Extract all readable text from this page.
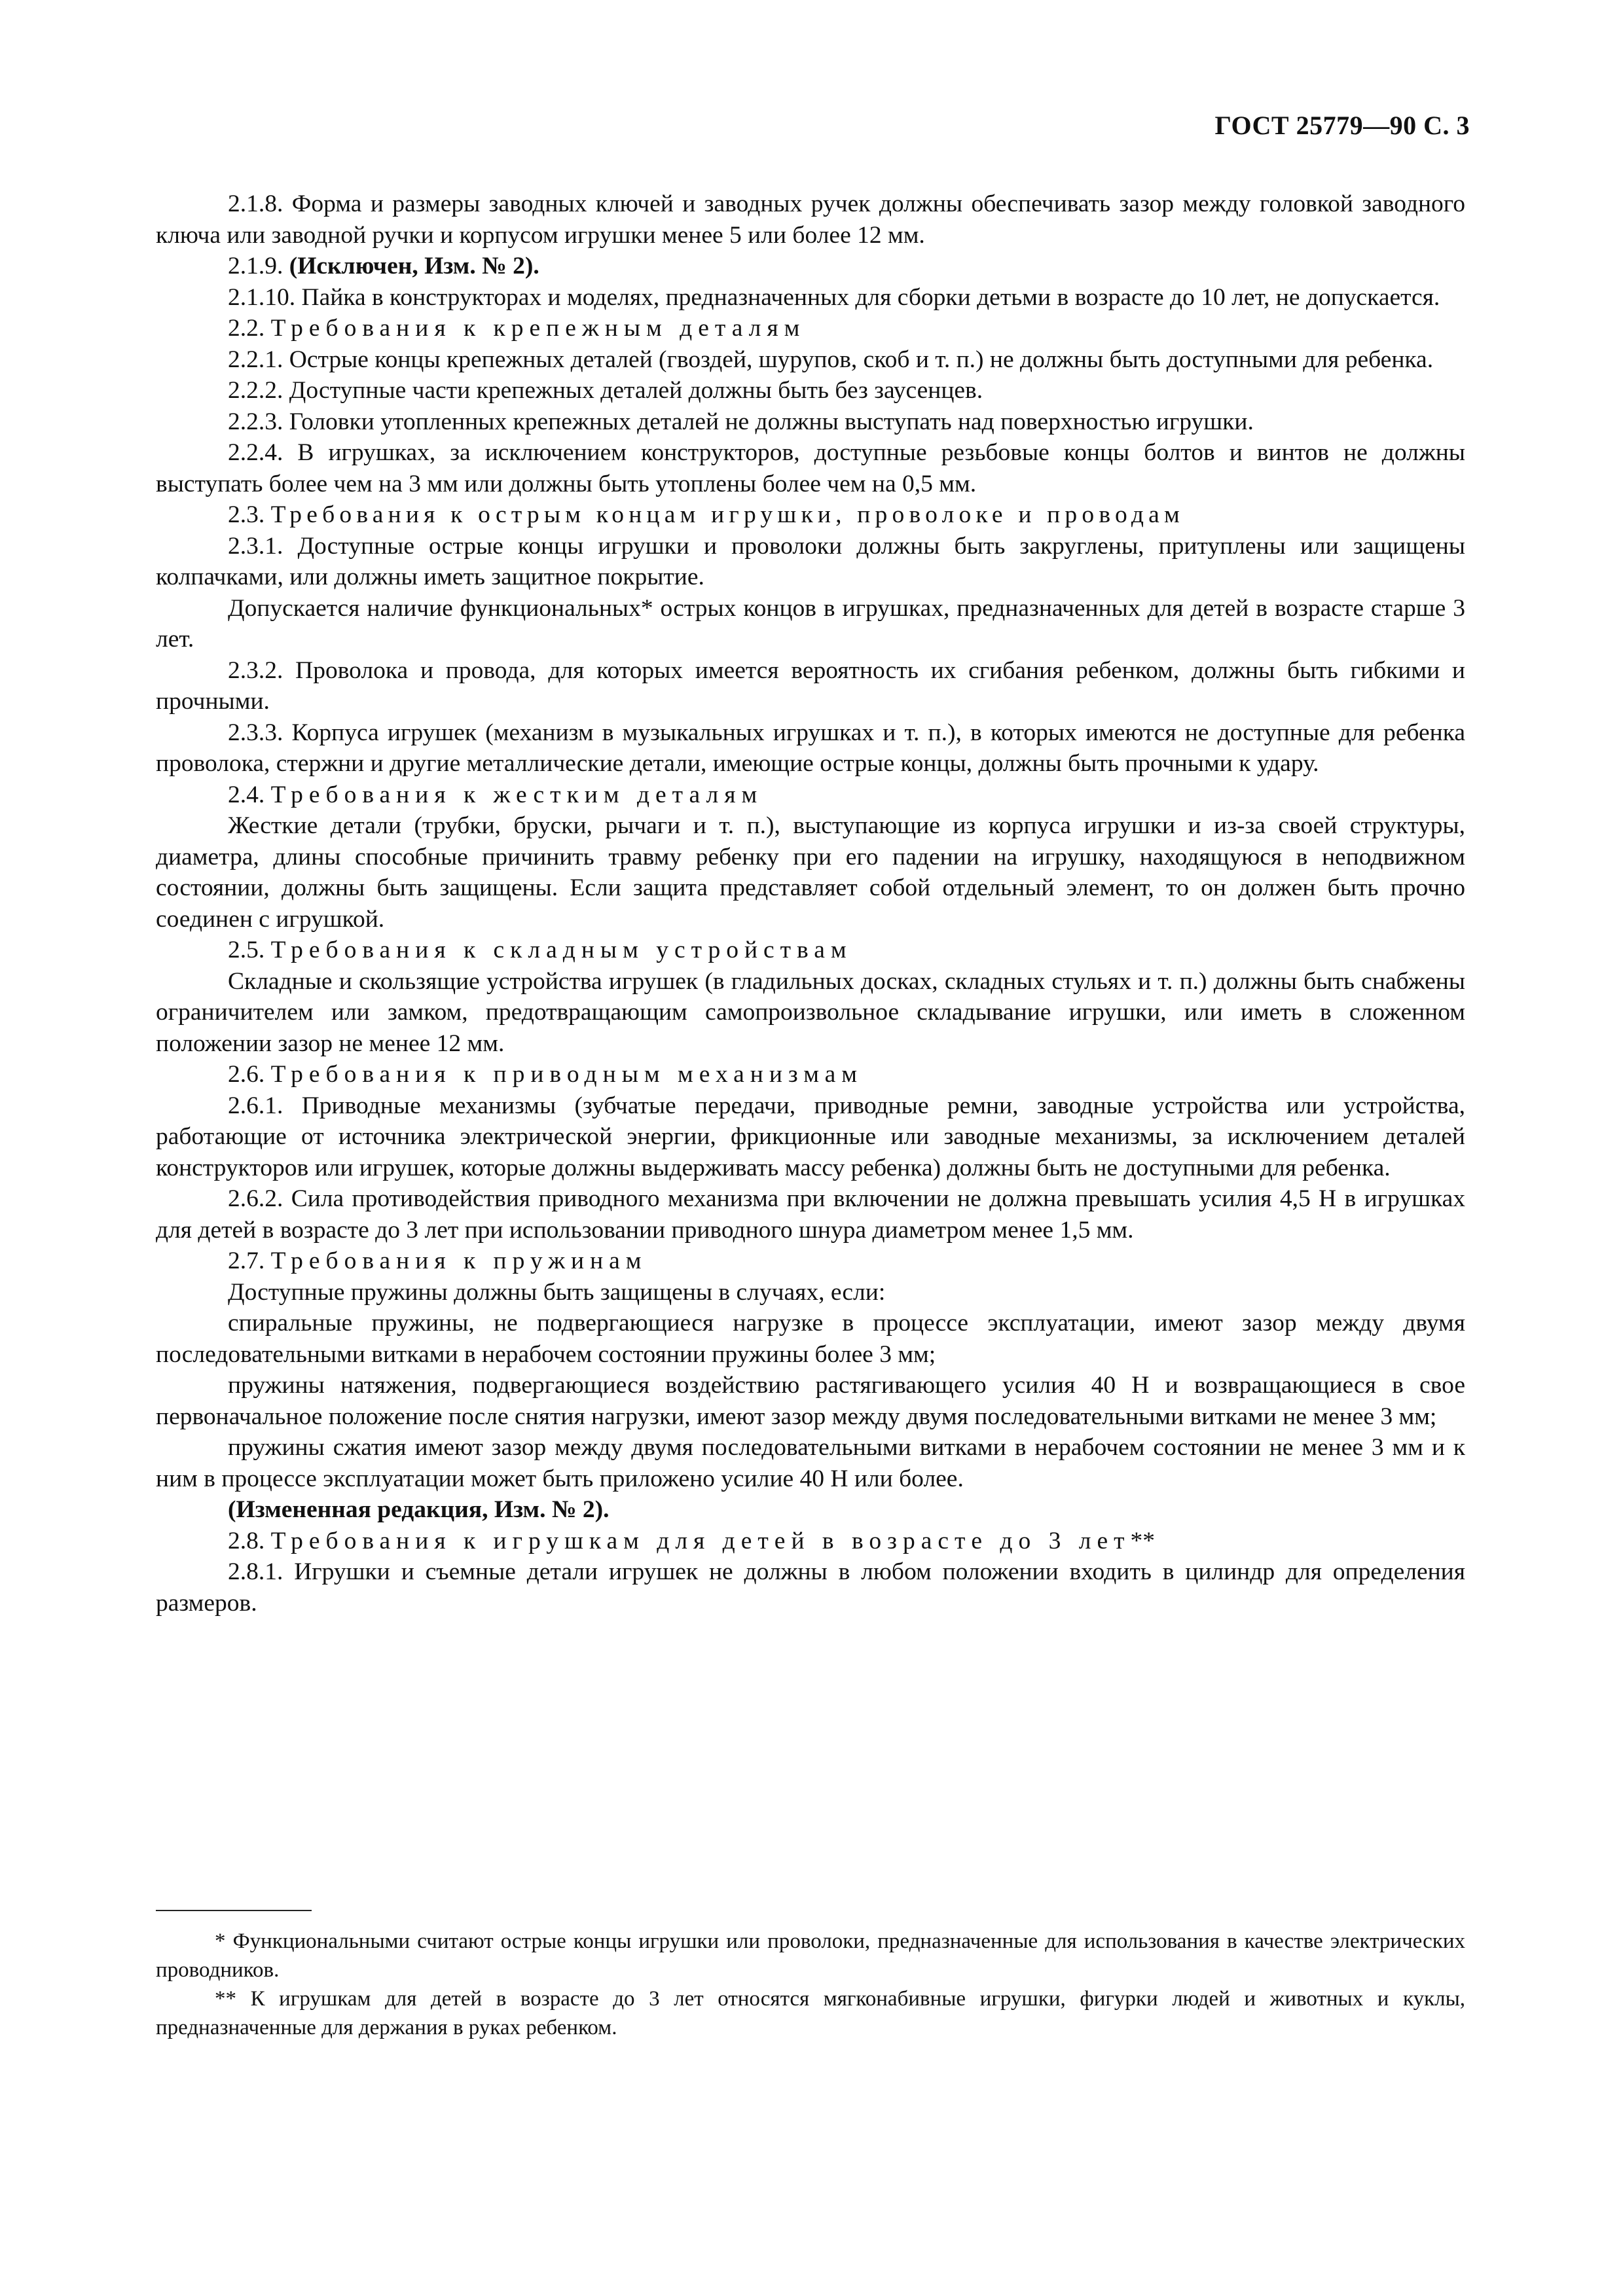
ГОСТ 25779—90 С. 3

2.1.8. Форма и размеры заводных ключей и заводных ручек должны обеспечивать зазор между головкой заводного ключа или заводной ручки и корпусом игрушки менее 5 или более 12 мм.

2.1.9. (Исключен, Изм. № 2).

2.1.10. Пайка в конструкторах и моделях, предназначенных для сборки детьми в возрасте до 10 лет, не допускается.

2.2. Требования к крепежным деталям

2.2.1. Острые концы крепежных деталей (гвоздей, шурупов, скоб и т. п.) не должны быть доступными для ребенка.

2.2.2. Доступные части крепежных деталей должны быть без заусенцев.

2.2.3. Головки утопленных крепежных деталей не должны выступать над поверхностью игрушки.

2.2.4. В игрушках, за исключением конструкторов, доступные резьбовые концы болтов и винтов не должны выступать более чем на 3 мм или должны быть утоплены более чем на 0,5 мм.

2.3. Требования к острым концам игрушки, проволоке и проводам

2.3.1. Доступные острые концы игрушки и проволоки должны быть закруглены, притуплены или защищены колпачками, или должны иметь защитное покрытие.

Допускается наличие функциональных* острых концов в игрушках, предназначенных для детей в возрасте старше 3 лет.

2.3.2. Проволока и провода, для которых имеется вероятность их сгибания ребенком, должны быть гибкими и прочными.

2.3.3. Корпуса игрушек (механизм в музыкальных игрушках и т. п.), в которых имеются не доступные для ребенка проволока, стержни и другие металлические детали, имеющие острые концы, должны быть прочными к удару.

2.4. Требования к жестким деталям

Жесткие детали (трубки, бруски, рычаги и т. п.), выступающие из корпуса игрушки и из-за своей структуры, диаметра, длины способные причинить травму ребенку при его падении на игрушку, находящуюся в неподвижном состоянии, должны быть защищены. Если защита представляет собой отдельный элемент, то он должен быть прочно соединен с игрушкой.

2.5. Требования к складным устройствам

Складные и скользящие устройства игрушек (в гладильных досках, складных стульях и т. п.) должны быть снабжены ограничителем или замком, предотвращающим самопроизвольное складывание игрушки, или иметь в сложенном положении зазор не менее 12 мм.

2.6. Требования к приводным механизмам

2.6.1. Приводные механизмы (зубчатые передачи, приводные ремни, заводные устройства или устройства, работающие от источника электрической энергии, фрикционные или заводные механизмы, за исключением деталей конструкторов или игрушек, которые должны выдерживать массу ребенка) должны быть не доступными для ребенка.

2.6.2. Сила противодействия приводного механизма при включении не должна превышать усилия 4,5 Н в игрушках для детей в возрасте до 3 лет при использовании приводного шнура диаметром менее 1,5 мм.

2.7. Требования к пружинам

Доступные пружины должны быть защищены в случаях, если:

спиральные пружины, не подвергающиеся нагрузке в процессе эксплуатации, имеют зазор между двумя последовательными витками в нерабочем состоянии пружины более 3 мм;

пружины натяжения, подвергающиеся воздействию растягивающего усилия 40 Н и возвращающиеся в свое первоначальное положение после снятия нагрузки, имеют зазор между двумя последовательными витками не менее 3 мм;

пружины сжатия имеют зазор между двумя последовательными витками в нерабочем состоянии не менее 3 мм и к ним в процессе эксплуатации может быть приложено усилие 40 Н или более.

(Измененная редакция, Изм. № 2).

2.8. Требования к игрушкам для детей в возрасте до 3 лет**

2.8.1. Игрушки и съемные детали игрушек не должны в любом положении входить в цилиндр для определения размеров.

* Функциональными считают острые концы игрушки или проволоки, предназначенные для использования в качестве электрических проводников.

** К игрушкам для детей в возрасте до 3 лет относятся мягконабивные игрушки, фигурки людей и животных и куклы, предназначенные для держания в руках ребенком.
